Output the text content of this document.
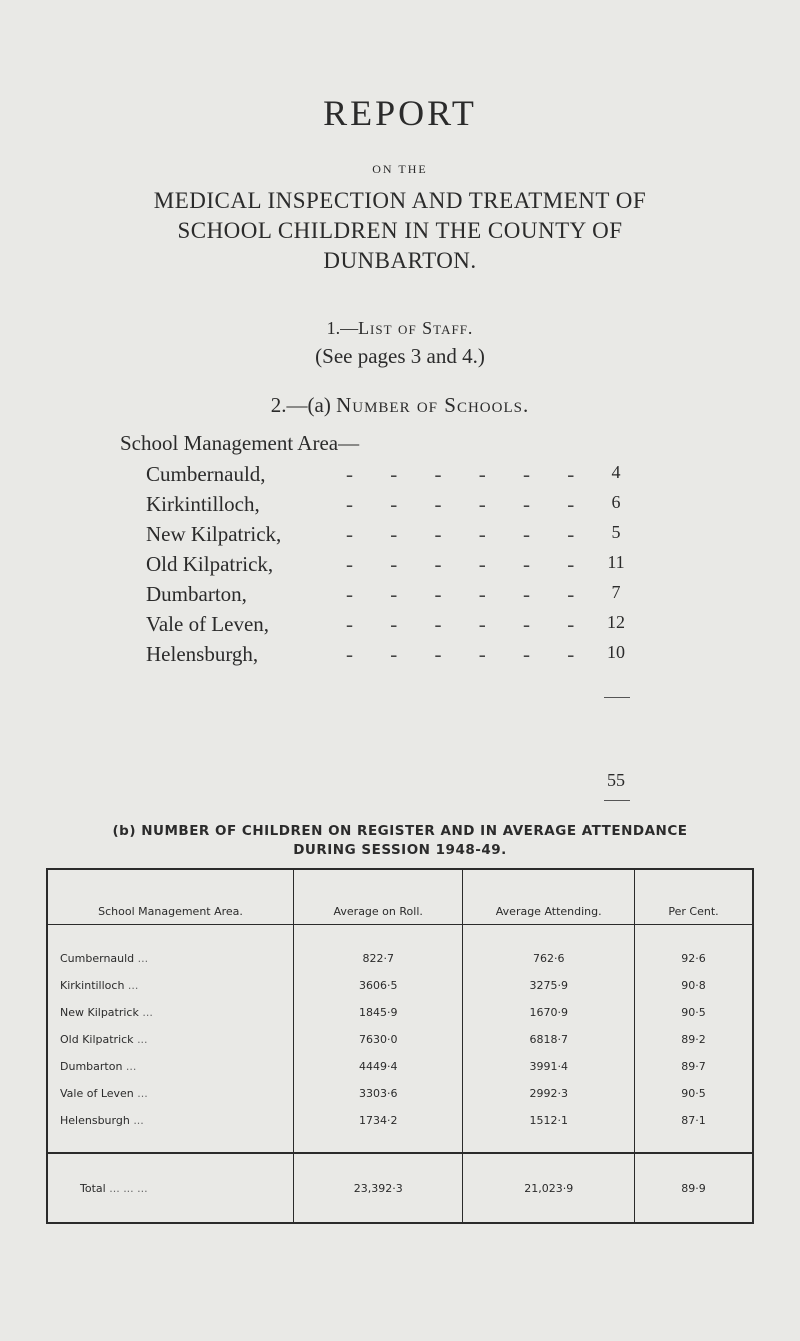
REPORT
ON THE
MEDICAL INSPECTION AND TREATMENT OF
SCHOOL CHILDREN IN THE COUNTY OF
DUNBARTON.
1.—List of Staff.
(See pages 3 and 4.)
2.—(a) Number of Schools.
School Management Area—
Cumbernauld,	- - - - - -	4
Kirkintilloch,	- - - - - -	6
New Kilpatrick,	- - - - - -	5
Old Kilpatrick,	- - - - - - 11
Dumbarton,	- - - - - -	7
Vale of Leven,	- - - - - - 12
Helensburgh,	- - - - - - 10
55
(b) NUMBER OF CHILDREN ON REGISTER AND IN AVERAGE ATTENDANCE
DURING SESSION 1948-49.
School Management Area.	Average on Roll.	Average Attending.	Per Cent.
Cumbernauld ...	822·7	762·6	92·6
Kirkintilloch ...	3606·5	3275·9	90·8
New Kilpatrick ...	1845·9	1670·9	90·5
Old Kilpatrick ...	7630·0	6818·7	89·2
Dumbarton ...	4449·4	3991·4	89·7
Vale of Leven ...	3303·6	2992·3	90·5
Helensburgh ...	1734·2	1512·1	87·1
Total ... ... ...	23,392·3	21,023·9	89·9
